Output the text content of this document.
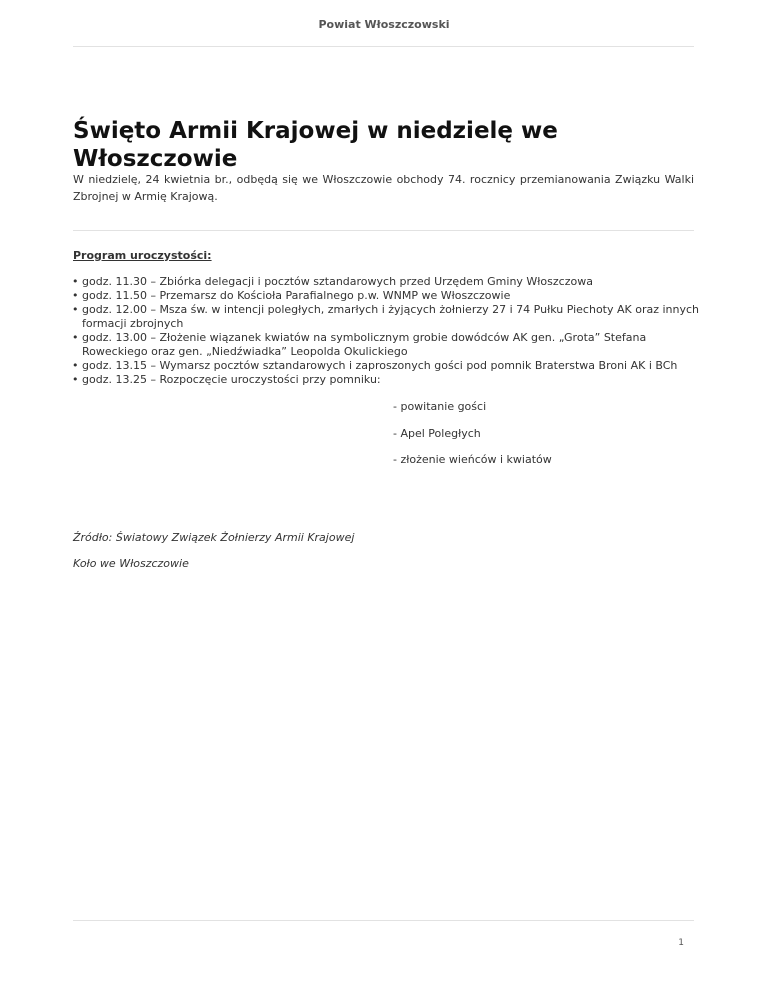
Powiat Włoszczowski
Święto Armii Krajowej w niedzielę we Włoszczowie

W niedzielę, 24 kwietnia br., odbędą się we Włoszczowie obchody 74. rocznicy przemianowania Związku Walki Zbrojnej w Armię Krajową.

Program uroczystości:

• godz. 11.30 – Zbiórka delegacji i pocztów sztandarowych przed Urzędem Gminy Włoszczowa
• godz. 11.50 – Przemarsz do Kościoła Parafialnego p.w. WNMP we Włoszczowie
• godz. 12.00 – Msza św. w intencji poległych, zmarłych i żyjących żołnierzy 27 i 74 Pułku Piechoty AK oraz innych formacji zbrojnych
• godz. 13.00 – Złożenie wiązanek kwiatów na symbolicznym grobie dowódców AK gen. „Grota” Stefana Roweckiego oraz gen. „Niedźwiadka” Leopolda Okulickiego
• godz. 13.15 – Wymarsz pocztów sztandarowych i zaproszonych gości pod pomnik Braterstwa Broni AK i BCh
• godz. 13.25 – Rozpoczęcie uroczystości przy pomniku:

- powitanie gości

- Apel Poległych

- złożenie wieńców i kwiatów

Źródło: Światowy Związek Żołnierzy Armii Krajowej

Koło we Włoszczowie

1
